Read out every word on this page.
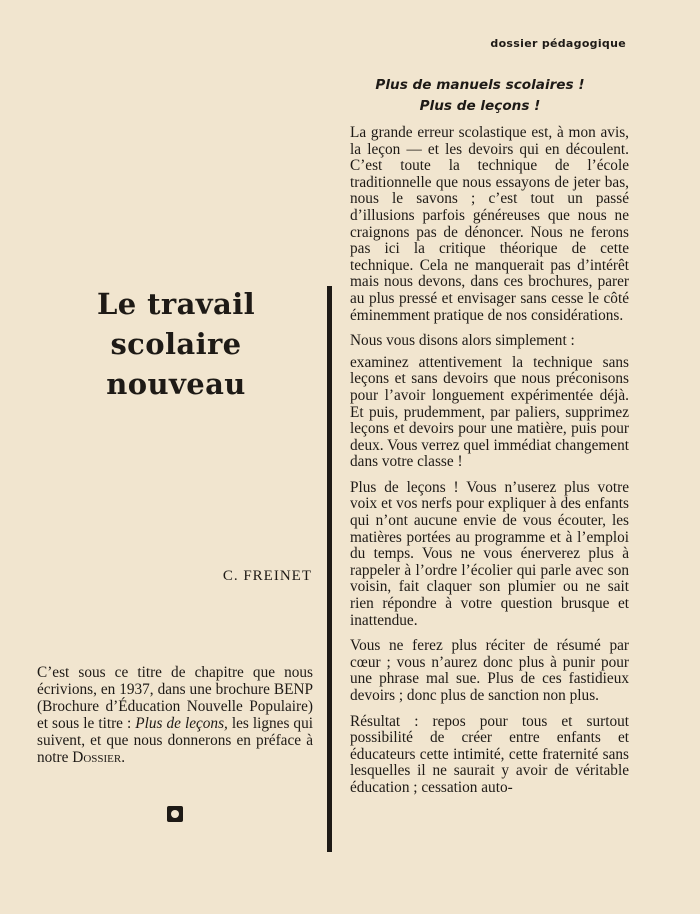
dossier pédagogique
Le travail
scolaire
nouveau
C. FREINET
C’est sous ce titre de chapitre que nous écrivions, en 1937, dans une brochure BENP (Brochure d’Éducation Nouvelle Populaire) et sous le titre : Plus de leçons, les lignes qui suivent, et que nous donnerons en préface à notre Dossier.
Plus de manuels scolaires !
Plus de leçons !

La grande erreur scolastique est, à mon avis, la leçon — et les devoirs qui en découlent. C’est toute la technique de l’école traditionnelle que nous essayons de jeter bas, nous le savons ; c’est tout un passé d’illusions parfois généreuses que nous ne craignons pas de dénoncer. Nous ne ferons pas ici la critique théorique de cette technique. Cela ne manquerait pas d’intérêt mais nous devons, dans ces brochures, parer au plus pressé et envisager sans cesse le côté éminemment pratique de nos considérations.

Nous vous disons alors simplement :

examinez attentivement la technique sans leçons et sans devoirs que nous préconisons pour l’avoir longuement expérimentée déjà. Et puis, prudemment, par paliers, supprimez leçons et devoirs pour une matière, puis pour deux. Vous verrez quel immédiat changement dans votre classe !

Plus de leçons ! Vous n’userez plus votre voix et vos nerfs pour expliquer à des enfants qui n’ont aucune envie de vous écouter, les matières portées au programme et à l’emploi du temps. Vous ne vous énerverez plus à rappeler à l’ordre l’écolier qui parle avec son voisin, fait claquer son plumier ou ne sait rien répondre à votre question brusque et inattendue.

Vous ne ferez plus réciter de résumé par cœur ; vous n’aurez donc plus à punir pour une phrase mal sue. Plus de ces fastidieux devoirs ; donc plus de sanction non plus.

Résultat : repos pour tous et surtout possibilité de créer entre enfants et éducateurs cette intimité, cette fraternité sans lesquelles il ne saurait y avoir de véritable éducation ; cessation auto-
